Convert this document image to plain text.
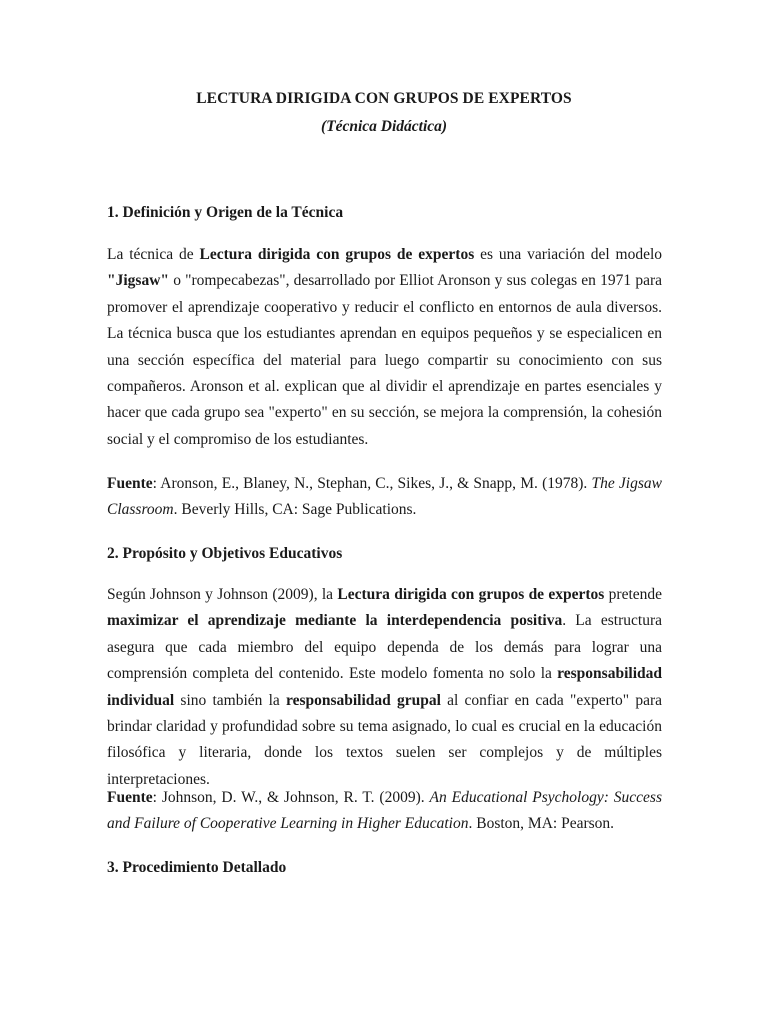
LECTURA DIRIGIDA CON GRUPOS DE EXPERTOS
(Técnica Didáctica)
1. Definición y Origen de la Técnica

La técnica de Lectura dirigida con grupos de expertos es una variación del modelo "Jigsaw" o "rompecabezas", desarrollado por Elliot Aronson y sus colegas en 1971 para promover el aprendizaje cooperativo y reducir el conflicto en entornos de aula diversos. La técnica busca que los estudiantes aprendan en equipos pequeños y se especialicen en una sección específica del material para luego compartir su conocimiento con sus compañeros. Aronson et al. explican que al dividir el aprendizaje en partes esenciales y hacer que cada grupo sea "experto" en su sección, se mejora la comprensión, la cohesión social y el compromiso de los estudiantes.

Fuente: Aronson, E., Blaney, N., Stephan, C., Sikes, J., & Snapp, M. (1978). The Jigsaw Classroom. Beverly Hills, CA: Sage Publications.

2. Propósito y Objetivos Educativos

Según Johnson y Johnson (2009), la Lectura dirigida con grupos de expertos pretende maximizar el aprendizaje mediante la interdependencia positiva. La estructura asegura que cada miembro del equipo dependa de los demás para lograr una comprensión completa del contenido. Este modelo fomenta no solo la responsabilidad individual sino también la responsabilidad grupal al confiar en cada "experto" para brindar claridad y profundidad sobre su tema asignado, lo cual es crucial en la educación filosófica y literaria, donde los textos suelen ser complejos y de múltiples interpretaciones.

Fuente: Johnson, D. W., & Johnson, R. T. (2009). An Educational Psychology: Success and Failure of Cooperative Learning in Higher Education. Boston, MA: Pearson.

3. Procedimiento Detallado
